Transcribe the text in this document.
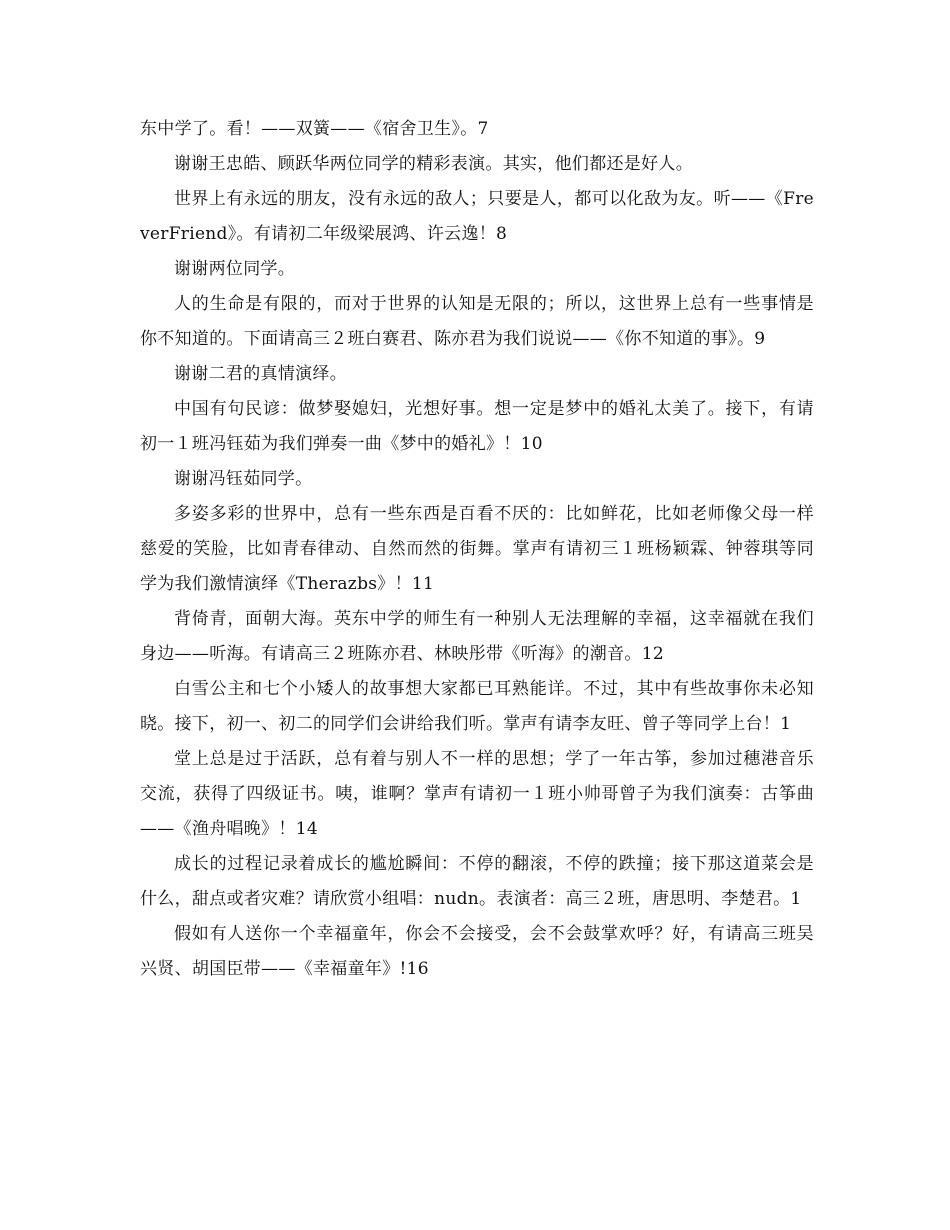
东中学了。看！——双簧——《宿舍卫生》。7

谢谢王忠皓、顾跃华两位同学的精彩表演。其实，他们都还是好人。

世界上有永远的朋友，没有永远的敌人；只要是人，都可以化敌为友。听——《FreverFriend》。有请初二年级梁展鸿、许云逸！8

谢谢两位同学。

人的生命是有限的，而对于世界的认知是无限的；所以，这世界上总有一些事情是你不知道的。下面请高三２班白赛君、陈亦君为我们说说——《你不知道的事》。9

谢谢二君的真情演绎。

中国有句民谚：做梦娶媳妇，光想好事。想一定是梦中的婚礼太美了。接下，有请初一１班冯钰茹为我们弹奏一曲《梦中的婚礼》！10

谢谢冯钰茹同学。

多姿多彩的世界中，总有一些东西是百看不厌的：比如鲜花，比如老师像父母一样慈爱的笑脸，比如青春律动、自然而然的街舞。掌声有请初三１班杨颖霖、钟蓉琪等同学为我们激情演绎《Therazbs》！11

背倚青，面朝大海。英东中学的师生有一种别人无法理解的幸福，这幸福就在我们身边——听海。有请高三２班陈亦君、林映彤带《听海》的潮音。12

白雪公主和七个小矮人的故事想大家都已耳熟能详。不过，其中有些故事你未必知晓。接下，初一、初二的同学们会讲给我们听。掌声有请李友旺、曾子等同学上台！1

堂上总是过于活跃，总有着与别人不一样的思想；学了一年古筝，参加过穗港音乐交流，获得了四级证书。咦，谁啊？掌声有请初一１班小帅哥曾子为我们演奏：古筝曲——《渔舟唱晚》！14

成长的过程记录着成长的尴尬瞬间：不停的翻滚，不停的跌撞；接下那这道菜会是什么，甜点或者灾难？请欣赏小组唱：nudn。表演者：高三２班，唐思明、李楚君。1

假如有人送你一个幸福童年，你会不会接受，会不会鼓掌欢呼？好，有请高三班吴兴贤、胡国臣带——《幸福童年》!16
